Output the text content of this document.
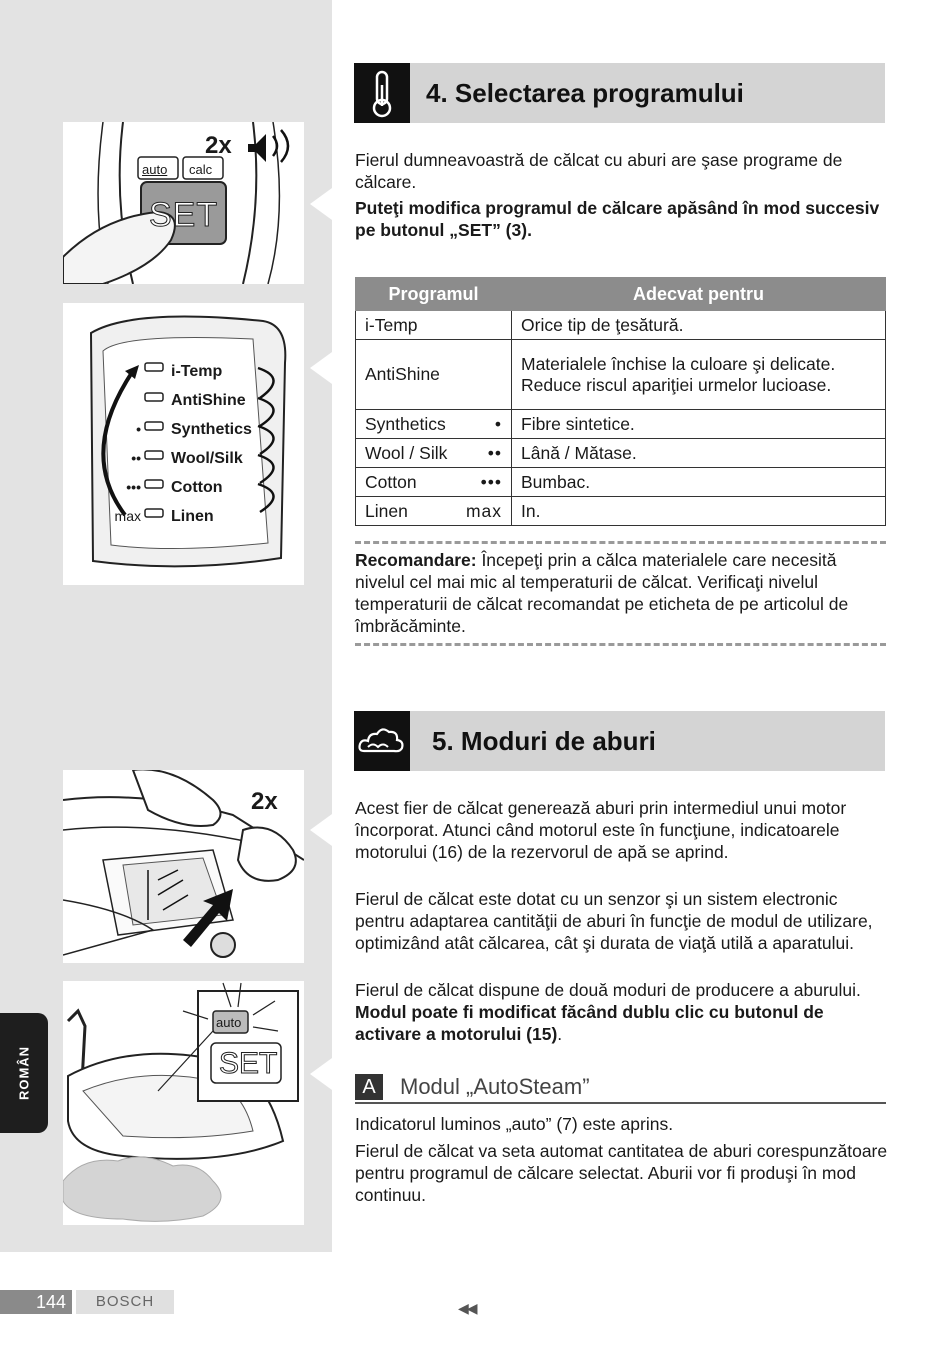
ROMÂN
2x
auto calc
SET
i-Temp
AntiShine
Synthetics
Wool/Silk
Cotton
Linen
•
••
•••
max
2x
auto
SET
4. Selectarea programului

Fierul dumneavoastră de călcat cu aburi are şase programe de călcare.

Puteţi modifica programul de călcare apăsând în mod succesiv pe butonul „SET” (3).

Programul	Adecvat pentru
i-Temp	Orice tip de ţesătură.
AntiShine	Materialele închise la culoare şi delicate. Reduce riscul apariţiei urmelor lucioase.
Synthetics •	Fibre sintetice.
Wool / Silk ••	Lână / Mătase.
Cotton •••	Bumbac.
Linen max	In.

Recomandare: Începeţi prin a călca materialele care necesită nivelul cel mai mic al temperaturii de călcat. Verificaţi nivelul temperaturii de călcat recomandat pe eticheta de pe articolul de îmbrăcăminte.

5. Moduri de aburi

Acest fier de călcat generează aburi prin intermediul unui motor încorporat. Atunci când motorul este în funcţiune, indicatoarele motorului (16) de la rezervorul de apă se aprind.

Fierul de călcat este dotat cu un senzor şi un sistem electronic pentru adaptarea cantităţii de aburi în funcţie de modul de utilizare, optimizând atât călcarea, cât şi durata de viaţă utilă a aparatului.

Fierul de călcat dispune de două moduri de producere a aburului. Modul poate fi modificat făcând dublu clic cu butonul de activare a motorului (15).

A	Modul „AutoSteam”

Indicatorul luminos „auto” (7) este aprins.

Fierul de călcat va seta automat cantitatea de aburi corespunzătoare pentru programul de călcare selectat. Aburii vor fi produşi în mod continuu.

144	BOSCH	◀◀
